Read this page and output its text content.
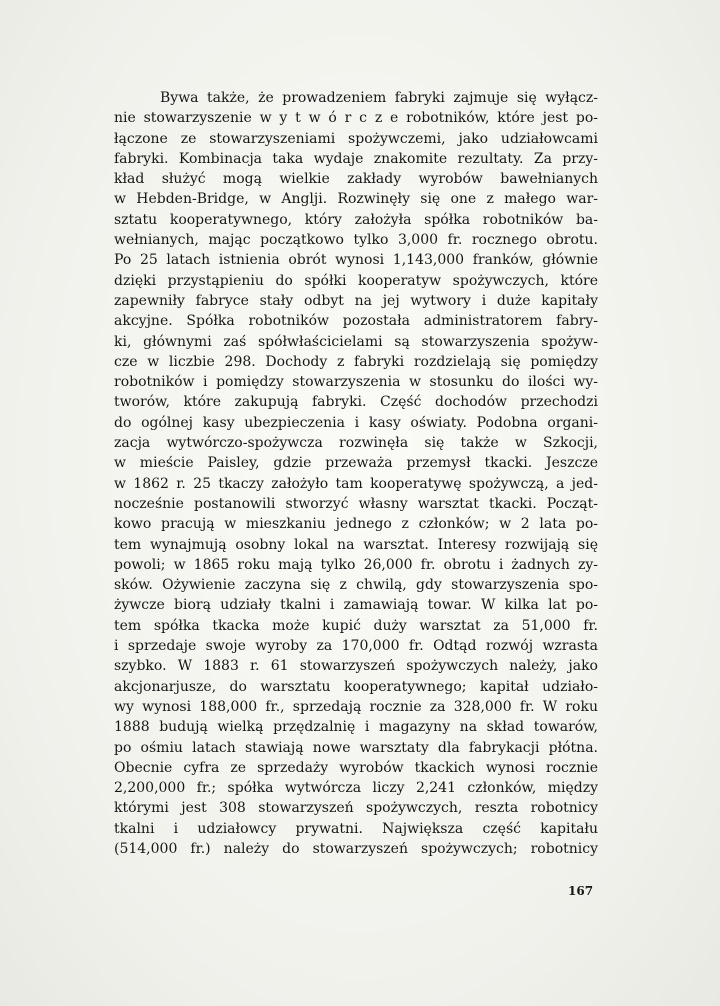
Bywa także, że prowadzeniem fabryki zajmuje się wyłącz-
nie stowarzyszenie w y t w ó r c z e robotników, które jest po-
łączone ze stowarzyszeniami spożywczemi, jako udziałowcami
fabryki. Kombinacja taka wydaje znakomite rezultaty. Za przy-
kład służyć mogą wielkie zakłady wyrobów bawełnianych
w Hebden-Bridge, w Anglji. Rozwinęły się one z małego war-
sztatu kooperatywnego, który założyła spółka robotników ba-
wełnianych, mając początkowo tylko 3,000 fr. rocznego obrotu.
Po 25 latach istnienia obrót wynosi 1,143,000 franków, głównie
dzięki przystąpieniu do spółki kooperatyw spożywczych, które
zapewniły fabryce stały odbyt na jej wytwory i duże kapitały
akcyjne. Spółka robotników pozostała administratorem fabry-
ki, głównymi zaś spółwłaścicielami są stowarzyszenia spożyw-
cze w liczbie 298. Dochody z fabryki rozdzielają się pomiędzy
robotników i pomiędzy stowarzyszenia w stosunku do ilości wy-
tworów, które zakupują fabryki. Część dochodów przechodzi
do ogólnej kasy ubezpieczenia i kasy oświaty. Podobna organi-
zacja wytwórczo-spożywcza rozwinęła się także w Szkocji,
w mieście Paisley, gdzie przeważa przemysł tkacki. Jeszcze
w 1862 r. 25 tkaczy założyło tam kooperatywę spożywczą, a jed-
nocześnie postanowili stworzyć własny warsztat tkacki. Począt-
kowo pracują w mieszkaniu jednego z członków; w 2 lata po-
tem wynajmują osobny lokal na warsztat. Interesy rozwijają się
powoli; w 1865 roku mają tylko 26,000 fr. obrotu i żadnych zy-
sków. Ożywienie zaczyna się z chwilą, gdy stowarzyszenia spo-
żywcze biorą udziały tkalni i zamawiają towar. W kilka lat po-
tem spółka tkacka może kupić duży warsztat za 51,000 fr.
i sprzedaje swoje wyroby za 170,000 fr. Odtąd rozwój wzrasta
szybko. W 1883 r. 61 stowarzyszeń spożywczych należy, jako
akcjonarjusze, do warsztatu kooperatywnego; kapitał udziało-
wy wynosi 188,000 fr., sprzedają rocznie za 328,000 fr. W roku
1888 budują wielką przędzalnię i magazyny na skład towarów,
po ośmiu latach stawiają nowe warsztaty dla fabrykacji płótna.
Obecnie cyfra ze sprzedaży wyrobów tkackich wynosi rocznie
2,200,000 fr.; spółka wytwórcza liczy 2,241 członków, między
którymi jest 308 stowarzyszeń spożywczych, reszta robotnicy
tkalni i udziałowcy prywatni. Największa część kapitału
(514,000 fr.) należy do stowarzyszeń spożywczych; robotnicy
167
